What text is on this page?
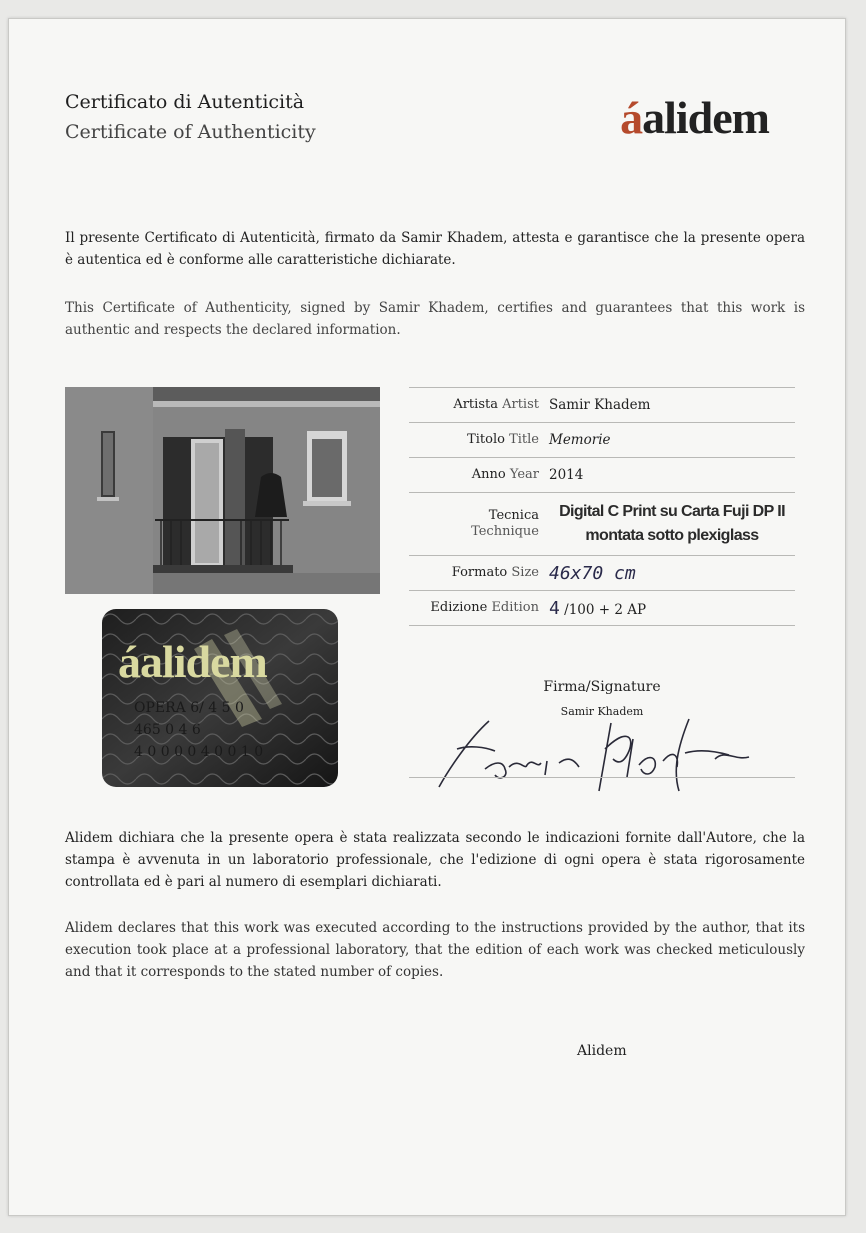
Certificato di Autenticità
Certificate of Authenticity	áalidem
Il presente Certificato di Autenticità, firmato da Samir Khadem, attesta e garantisce che la presente opera è autentica ed è conforme alle caratteristiche dichiarate.
This Certificate of Authenticity, signed by Samir Khadem, certifies and guarantees that this work is authentic and respects the declared information.
áalidem
OPERA 6/ 4 5 0
465 0 4 6
4 0 0 0 0 4 0 0 1 0
Artista Artist Samir Khadem
Titolo Title Memorie
Anno Year 2014
Tecnica
Technique
Digital C Print su Carta Fuji DP II
montata sotto plexiglass
Formato Size 46x70 cm
Edizione Edition 4 /100 + 2 AP
Firma/Signature
Samir Khadem
Alidem dichiara che la presente opera è stata realizzata secondo le indicazioni fornite dall'Autore, che la stampa è avvenuta in un laboratorio professionale, che l'edizione di ogni opera è stata rigorosamente controllata ed è pari al numero di esemplari dichiarati.
Alidem declares that this work was executed according to the instructions provided by the author, that its execution took place at a professional laboratory, that the edition of each work was checked meticulously and that it corresponds to the stated number of copies.
Alidem
